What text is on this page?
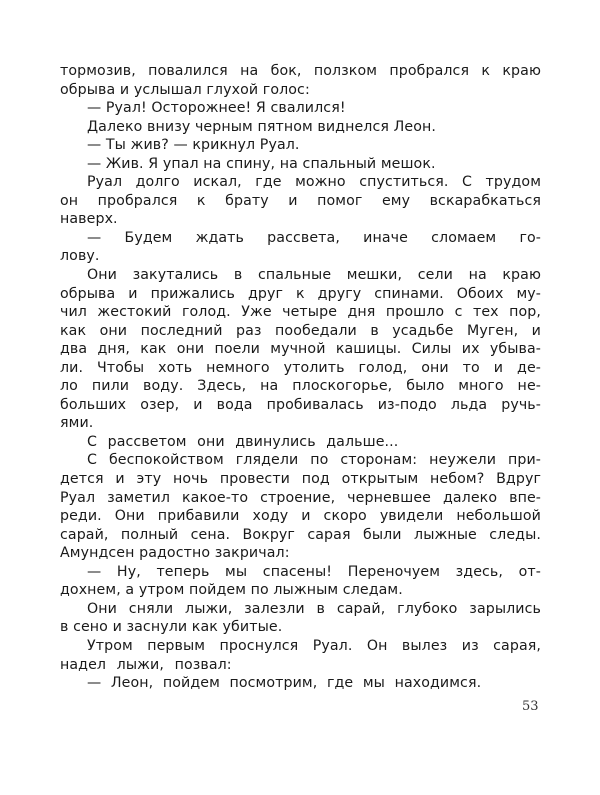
тормозив, повалился на бок, ползком пробрался к краю
обрыва и услышал глухой голос:
— Руал! Осторожнее! Я свалился!
Далеко внизу черным пятном виднелся Леон.
— Ты жив? — крикнул Руал.
— Жив. Я упал на спину, на спальный мешок.
Руал долго искал, где можно спуститься. С трудом
он пробрался к брату и помог ему вскарабкаться
наверх.
— Будем ждать рассвета, иначе сломаем го-
лову.
Они закутались в спальные мешки, сели на краю
обрыва и прижались друг к другу спинами. Обоих му-
чил жестокий голод. Уже четыре дня прошло с тех пор,
как они последний раз пообедали в усадьбе Муген, и
два дня, как они поели мучной кашицы. Силы их убыва-
ли. Чтобы хоть немного утолить голод, они то и де-
ло пили воду. Здесь, на плоскогорье, было много не-
больших озер, и вода пробивалась из-подо льда ручь-
ями.
С рассветом они двинулись дальше...
С беспокойством глядели по сторонам: неужели при-
дется и эту ночь провести под открытым небом? Вдруг
Руал заметил какое-то строение, черневшее далеко впе-
реди. Они прибавили ходу и скоро увидели небольшой
сарай, полный сена. Вокруг сарая были лыжные следы.
Амундсен радостно закричал:
— Ну, теперь мы спасены! Переночуем здесь, от-
дохнем, а утром пойдем по лыжным следам.
Они сняли лыжи, залезли в сарай, глубоко зарылись
в сено и заснули как убитые.
Утром первым проснулся Руал. Он вылез из сарая,
надел лыжи, позвал:
— Леон, пойдем посмотрим, где мы находимся.
53
